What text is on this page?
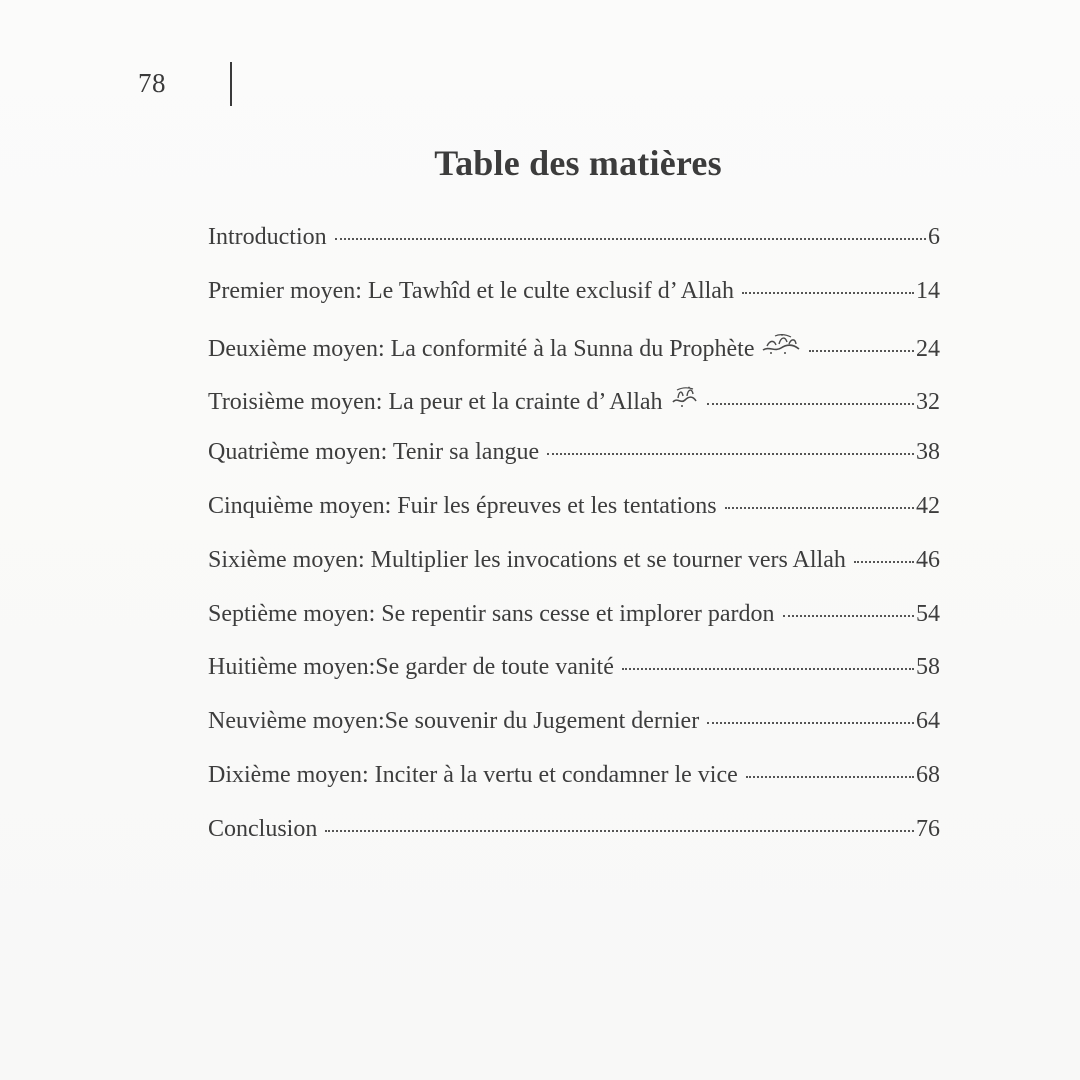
78
Table des matières
Introduction	6
Premier moyen: Le Tawhîd et le culte exclusif d’ Allah	14
Deuxième moyen: La conformité à la Sunna du Prophète	24
Troisième moyen: La peur et la crainte d’ Allah	32
Quatrième moyen: Tenir sa langue	38
Cinquième moyen: Fuir les épreuves et les tentations	42
Sixième moyen: Multiplier les invocations et se tourner vers Allah	46
Septième moyen: Se repentir sans cesse et implorer pardon	54
Huitième moyen:Se garder de toute vanité	58
Neuvième moyen:Se souvenir du Jugement dernier	64
Dixième moyen: Inciter à la vertu et condamner le vice	68
Conclusion	76
